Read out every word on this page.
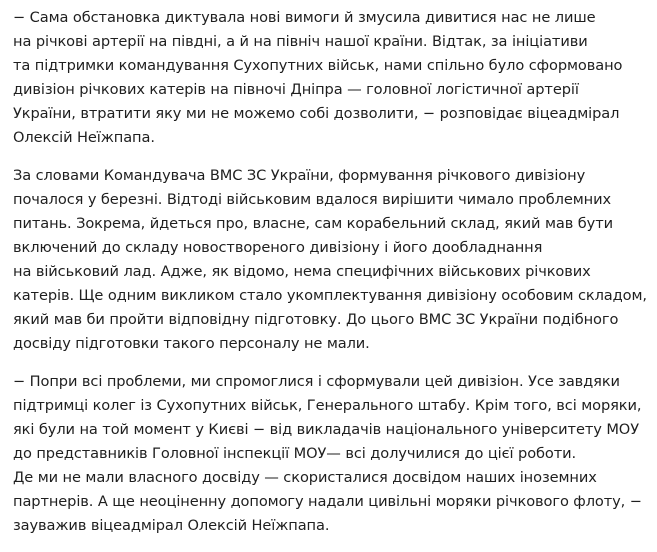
− Сама обстановка диктувала нові вимоги й змусила дивитися нас не лише
на річкові артерії на півдні, а й на північ нашої країни. Відтак, за ініціативи
та підтримки командування Сухопутних військ, нами спільно було сформовано
дивізіон річкових катерів на півночі Дніпра — головної логістичної артерії
України, втратити яку ми не можемо собі дозволити, − розповідає віцеадмірал
Олексій Неїжпапа.

За словами Командувача ВМС ЗС України, формування річкового дивізіону
почалося у березні. Відтоді військовим вдалося вирішити чимало проблемних
питань. Зокрема, йдеться про, власне, сам корабельний склад, який мав бути
включений до складу новоствореного дивізіону і його дообладнання
на військовий лад. Адже, як відомо, нема специфічних військових річкових
катерів. Ще одним викликом стало укомплектування дивізіону особовим складом,
який мав би пройти відповідну підготовку. До цього ВМС ЗС України подібного
досвіду підготовки такого персоналу не мали.

− Попри всі проблеми, ми спромоглися і сформували цей дивізіон. Усе завдяки
підтримці колег із Сухопутних військ, Генерального штабу. Крім того, всі моряки,
які були на той момент у Києві − від викладачів національного університету МОУ
до представників Головної інспекції МОУ— всі долучилися до цієї роботи.
Де ми не мали власного досвіду — скористалися досвідом наших іноземних
партнерів. А ще неоціненну допомогу надали цивільні моряки річкового флоту, −
зауважив віцеадмірал Олексій Неїжпапа.
